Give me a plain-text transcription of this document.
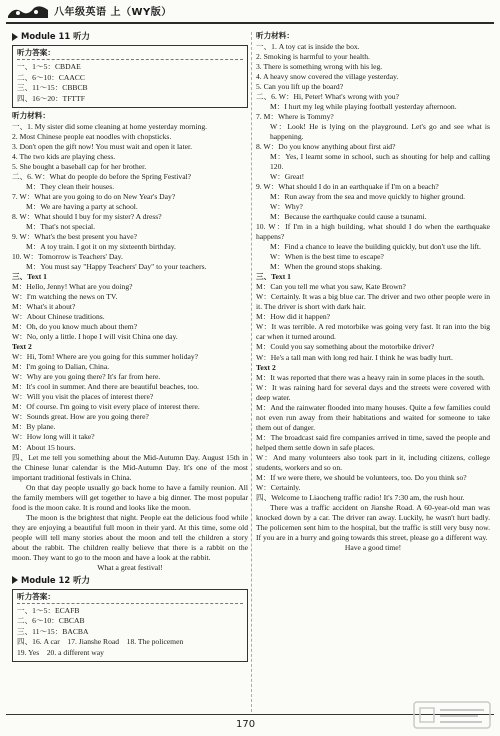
八年级英语 上（WY版）
Module 11 听力
听力答案：
一、1～5：CBDAE
二、6～10：CAACC
三、11～15：CBBCB
四、16～20：TFTTF
听力材料：
一、1. My sister did some cleaning at home yesterday morning.
2. Most Chinese people eat noodles with chopsticks.
3. Don't open the gift now! You must wait and open it later.
4. The two kids are playing chess.
5. She bought a baseball cap for her brother.
二、6. W：What do people do before the Spring Festival?
M：They clean their houses.
7. W：What are you going to do on New Year's Day?
M：We are having a party at school.
8. W：What should I buy for my sister? A dress?
M：That's not special.
9. W：What's the best present you have?
M：A toy train. I got it on my sixteenth birthday.
10. W：Tomorrow is Teachers' Day.
M：You must say "Happy Teachers' Day" to your teachers.
三、Text 1
M：Hello, Jenny! What are you doing?
W：I'm watching the news on TV.
M：What's it about?
W：About Chinese traditions.
M：Oh, do you know much about them?
W：No, only a little. I hope I will visit China one day.
Text 2
W：Hi, Tom! Where are you going for this summer holiday?
M：I'm going to Dalian, China.
W：Why are you going there? It's far from here.
M：It's cool in summer. And there are beautiful beaches, too.
W：Will you visit the places of interest there?
M：Of course. I'm going to visit every place of interest there.
W：Sounds great. How are you going there?
M：By plane.
W：How long will it take?
M：About 15 hours.
四、Let me tell you something about the Mid-Autumn Day. August 15th in the Chinese lunar calendar is the Mid-Autumn Day. It's one of the most important traditional festivals in China.
On that day people usually go back home to have a family reunion. All the family members will get together to have a big dinner. The most popular food is the moon cake. It is round and looks like the moon.
The moon is the brightest that night. People eat the delicious food while they are enjoying a beautiful full moon in their yard. At this time, some old people will tell many stories about the moon and tell the children a story about the rabbit. The children really believe that there is a rabbit on the moon. They want to go to the moon and have a look at the rabbit.
What a great festival!
Module 12 听力
听力答案：
一、1～5：ECAFB
二、6～10：CBCAB
三、11～15：BACBA
四、16. A car　17. Jianshe Road　18. The policemen
19. Yes　20. a different way
听力材料：
一、1. A toy cat is inside the box.
2. Smoking is harmful to your health.
3. There is something wrong with his leg.
4. A heavy snow covered the village yesterday.
5. Can you lift up the board?
二、6. W：Hi, Peter! What's wrong with you?
M：I hurt my leg while playing football yesterday afternoon.
7. M：Where is Tommy?
W：Look! He is lying on the playground. Let's go and see what is happening.
8. W：Do you know anything about first aid?
M：Yes, I learnt some in school, such as shouting for help and calling 120.
W：Great!
9. W：What should I do in an earthquake if I'm on a beach?
M：Run away from the sea and move quickly to higher ground.
W：Why?
M：Because the earthquake could cause a tsunami.
10. W：If I'm in a high building, what should I do when the earthquake happens?
M：Find a chance to leave the building quickly, but don't use the lift.
W：When is the best time to escape?
M：When the ground stops shaking.
三、Text 1
M：Can you tell me what you saw, Kate Brown?
W：Certainly. It was a big blue car. The driver and two other people were in it. The driver is short with dark hair.
M：How did it happen?
W：It was terrible. A red motorbike was going very fast. It ran into the big car when it turned around.
M：Could you say something about the motorbike driver?
W：He's a tall man with long red hair. I think he was badly hurt.
Text 2
M：It was reported that there was a heavy rain in some places in the south.
W：It was raining hard for several days and the streets were covered with deep water.
M：And the rainwater flooded into many houses. Quite a few families could not even run away from their habitations and waited for someone to take them out of danger.
M：The broadcast said fire companies arrived in time, saved the people and helped them settle down in safe places.
W：And many volunteers also took part in it, including citizens, college students, workers and so on.
M：If we were there, we should be volunteers, too. Do you think so?
W：Certainly.
四、Welcome to Liaocheng traffic radio! It's 7:30 am, the rush hour.
There was a traffic accident on Jianshe Road. A 60-year-old man was knocked down by a car. The driver ran away. Luckily, he wasn't hurt badly. The policemen sent him to the hospital, but the traffic is still very busy now. If you are in a hurry and going towards this street, please go a different way.
Have a good time!
170
